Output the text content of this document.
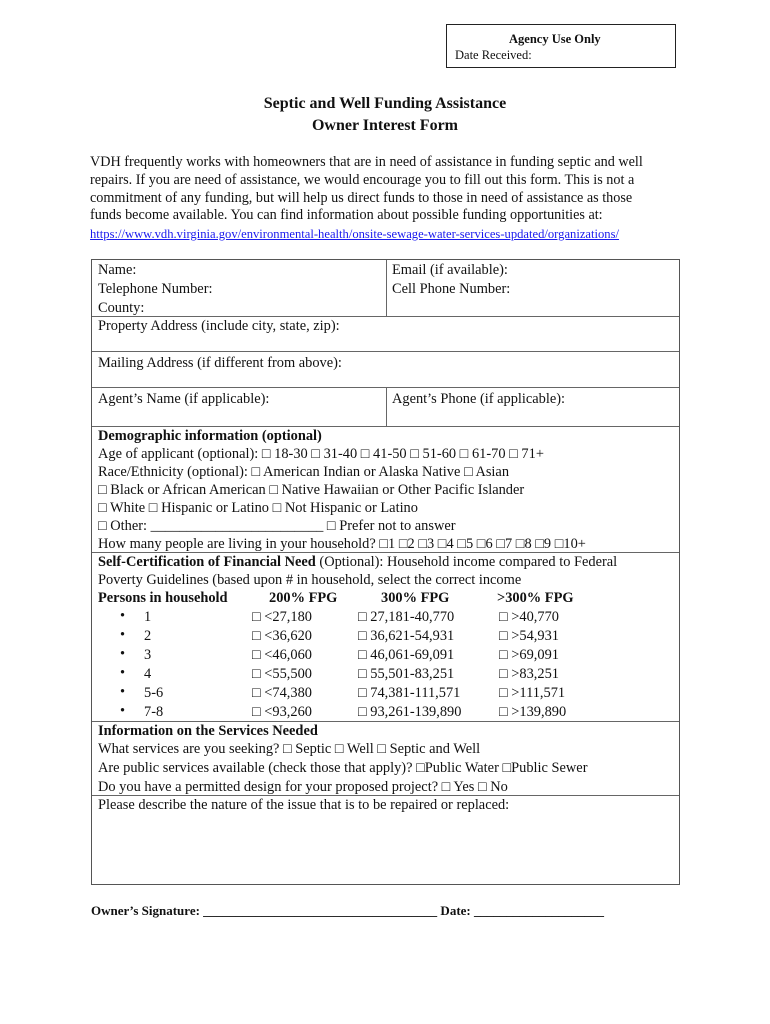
Agency Use Only
Date Received:
Septic and Well Funding Assistance
Owner Interest Form

VDH frequently works with homeowners that are in need of assistance in funding septic and well

repairs. If you are need of assistance, we would encourage you to fill out this form. This is not a

commitment of any funding, but will help us direct funds to those in need of assistance as those

funds become available. You can find information about possible funding opportunities at:

https://www.vdh.virginia.gov/environmental-health/onsite-sewage-water-services-updated/organizations/
Name:	Email (if available):
Telephone Number:	Cell Phone Number:
County:
Property Address (include city, state, zip):
Mailing Address (if different from above):
Agent’s Name (if applicable):	Agent’s Phone (if applicable):
Demographic information (optional)
Age of applicant (optional): □ 18-30 □ 31-40 □ 41-50 □ 51-60 □ 61-70 □ 71+
Race/Ethnicity (optional): □ American Indian or Alaska Native □ Asian
□ Black or African American □ Native Hawaiian or Other Pacific Islander
□ White □ Hispanic or Latino □ Not Hispanic or Latino
□ Other: ________________________ □ Prefer not to answer
How many people are living in your household? □1 □2 □3 □4 □5 □6 □7 □8 □9 □10+
Self-Certification of Financial Need (Optional): Household income compared to Federal
Poverty Guidelines (based upon # in household, select the correct income
Persons in household	200% FPG	300% FPG	>300% FPG
• 1	□ <27,180	□ 27,181-40,770	□ >40,770
• 2	□ <36,620	□ 36,621-54,931	□ >54,931
• 3	□ <46,060	□ 46,061-69,091	□ >69,091
• 4	□ <55,500	□ 55,501-83,251	□ >83,251
• 5-6	□ <74,380	□ 74,381-111,571	□ >111,571
• 7-8	□ <93,260	□ 93,261-139,890	□ >139,890
Information on the Services Needed
What services are you seeking? □ Septic □ Well □ Septic and Well
Are public services available (check those that apply)? □Public Water □Public Sewer
Do you have a permitted design for your proposed project? □ Yes □ No
Please describe the nature of the issue that is to be repaired or replaced:
Owner’s Signature: ____________________________________ Date: ____________________
